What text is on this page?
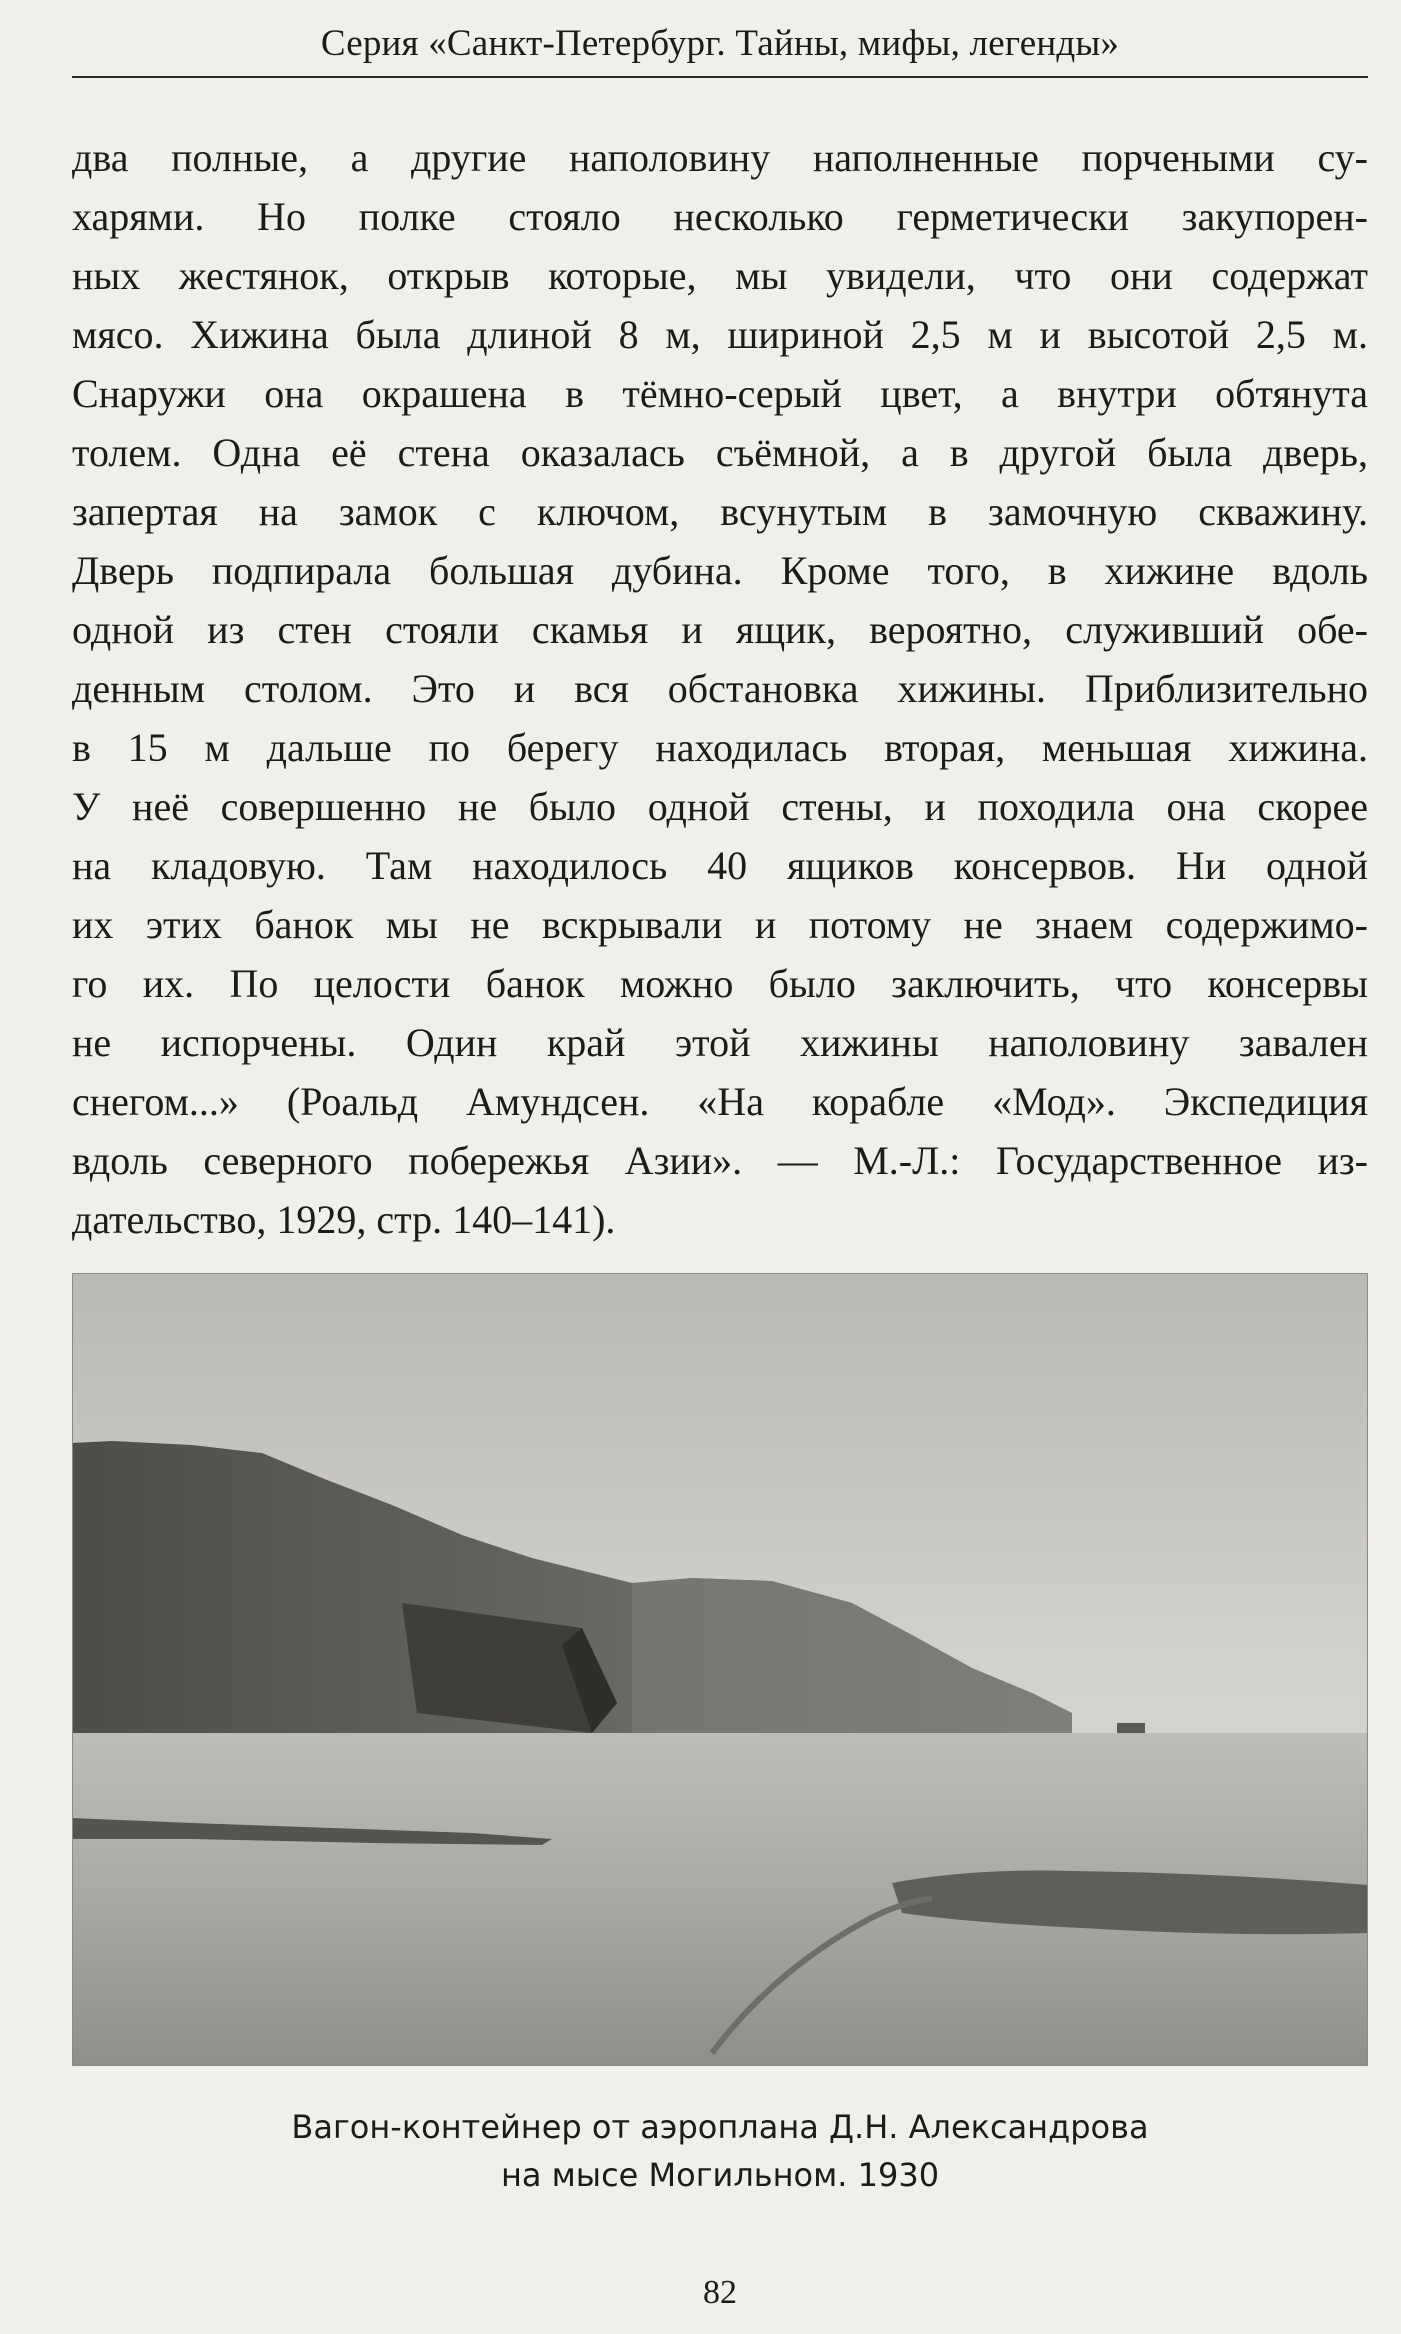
Серия «Санкт-Петербург. Тайны, мифы, легенды»
два полные, а другие наполовину наполненные порчеными су-
харями. Но полке стояло несколько герметически закупорен-
ных жестянок, открыв которые, мы увидели, что они содержат
мясо. Хижина была длиной 8 м, шириной 2,5 м и высотой 2,5 м.
Снаружи она окрашена в тёмно-серый цвет, а внутри обтянута
толем. Одна её стена оказалась съёмной, а в другой была дверь,
запертая на замок с ключом, всунутым в замочную скважину.
Дверь подпирала большая дубина. Кроме того, в хижине вдоль
одной из стен стояли скамья и ящик, вероятно, служивший обе-
денным столом. Это и вся обстановка хижины. Приблизительно
в 15 м дальше по берегу находилась вторая, меньшая хижина.
У неё совершенно не было одной стены, и походила она скорее
на кладовую. Там находилось 40 ящиков консервов. Ни одной
их этих банок мы не вскрывали и потому не знаем содержимо-
го их. По целости банок можно было заключить, что консервы
не испорчены. Один край этой хижины наполовину завален
снегом...» (Роальд Амундсен. «На корабле «Мод». Экспедиция
вдоль северного побережья Азии». — М.-Л.: Государственное из-
дательство, 1929, стр. 140–141).
Вагон-контейнер от аэроплана Д.Н. Александрова
на мысе Могильном. 1930
82
